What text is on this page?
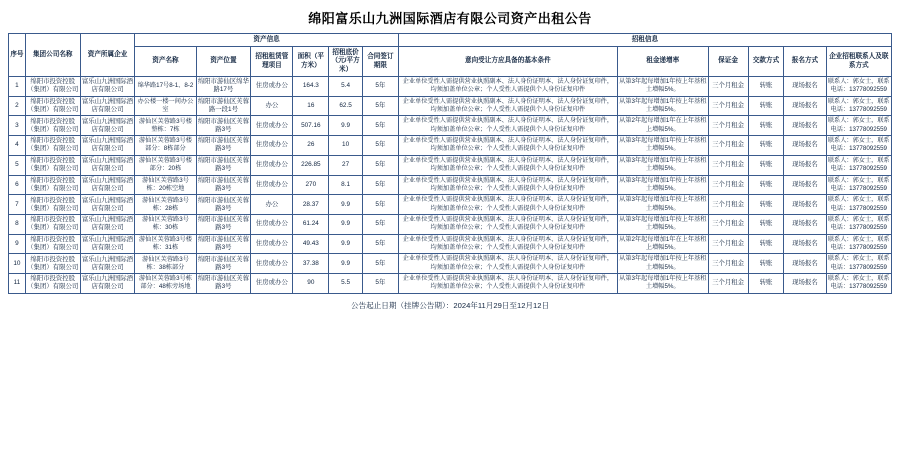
绵阳富乐山九洲国际酒店有限公司资产出租公告
序号	集团公司名称	资产所属企业	资产信息						招租信息					
			资产名称	资产位置	招租租赁管理项目	面积（平方米）	招租底价（元/平方米）	合同签订期限	意向受让方应具备的基本条件	租金递增率	保证金	交款方式	报名方式	企业招租联系人及联系方式

1	绵阳市投资控股（集团）有限公司	富乐山九洲国际酒店有限公司	绵华路17号8-1、8-2	绵阳市游仙区绵华路17号	住房或办公	164.3	5.4	5年	企业单位受性人需提供营业执照副本、法人身份证明本、法人身份证复印件，均须加盖单位公章；个人受性人需提供个人身份证复印件	从第3年起每增加1年按上年基租土增幅5%。	三个月租金	转账	现场报名	联系人：郭女士，联系电话：13778092559
2	绵阳市投资控股（集团）有限公司	富乐山九洲国际酒店有限公司	办公楼一楼一间办公室	绵阳市游仙区芙蓉路一段1号	办公	16	62.5	5年	企业单位受性人需提供营业执照副本、法人身份证明本、法人身份证复印件，均须加盖单位公章；个人受性人需提供个人身份证复印件	从第3年起每增加1年按上年基租土增幅5%。	三个月租金	转账	现场报名	联系人：郭女士，联系电话：13778092559
3	绵阳市投资控股（集团）有限公司	富乐山九洲国际酒店有限公司	游仙区芙蓉路3号楼整栋：7栋	绵阳市游仙区芙蓉路3号	住房或办公	507.16	9.9	5年	企业单位受性人需提供营业执照副本、法人身份证明本、法人身份证复印件，均须加盖单位公章；个人受性人需提供个人身份证复印件	从第2年起每增加1年在上年基租上增幅5%。	三个月租金	转账	现场报名	联系人：郭女士，联系电话：13778092559
4	绵阳市投资控股（集团）有限公司	富乐山九洲国际酒店有限公司	游仙区芙蓉路3号楼部分：8栋部分	绵阳市游仙区芙蓉路3号	住房或办公	26	10	5年	企业单位受性人需提供营业执照副本、法人身份证明本、法人身份证复印件，均须加盖单位公章；个人受性人需提供个人身份证复印件	从第3年起每增加1年按上年基租土增幅5%。	三个月租金	转账	现场报名	联系人：郭女士，联系电话：13778092559
5	绵阳市投资控股（集团）有限公司	富乐山九洲国际酒店有限公司	游仙区芙蓉路3号楼部分：20栋	绵阳市游仙区芙蓉路3号	住房或办公	226.85	27	5年	企业单位受性人需提供营业执照副本、法人身份证明本、法人身份证复印件，均须加盖单位公章；个人受性人需提供个人身份证复印件	从第3年起每增加1年按上年基租土增幅5%。	三个月租金	转账	现场报名	联系人：郭女士，联系电话：13778092559
6	绵阳市投资控股（集团）有限公司	富乐山九洲国际酒店有限公司	游仙区芙蓉路3号栋：20栋空地	绵阳市游仙区芙蓉路3号	住房或办公	270	8.1	5年	企业单位受性人需提供营业执照副本、法人身份证明本、法人身份证复印件，均须加盖单位公章；个人受性人需提供个人身份证复印件	从第3年起每增加1年按上年基租土增幅5%。	三个月租金	转账	现场报名	联系人：郭女士，联系电话：13778092559
7	绵阳市投资控股（集团）有限公司	富乐山九洲国际酒店有限公司	游仙区芙蓉路3号栋：28栋	绵阳市游仙区芙蓉路3号	办公	28.37	9.9	5年	企业单位受性人需提供营业执照副本、法人身份证明本、法人身份证复印件，均须加盖单位公章；个人受性人需提供个人身份证复印件	从第3年起每增加1年按上年基租土增幅5%。	三个月租金	转账	现场报名	联系人：郭女士，联系电话：13778092559
8	绵阳市投资控股（集团）有限公司	富乐山九洲国际酒店有限公司	游仙区芙蓉路3号栋：30栋	绵阳市游仙区芙蓉路3号	住房或办公	61.24	9.9	5年	企业单位受性人需提供营业执照副本、法人身份证明本、法人身份证复印件，均须加盖单位公章；个人受性人需提供个人身份证复印件	从第3年起每增加1年按上年基租土增幅5%。	三个月租金	转账	现场报名	联系人：郭女士，联系电话：13778092559
9	绵阳市投资控股（集团）有限公司	富乐山九洲国际酒店有限公司	游仙区芙蓉路3号楼栋：31栋	绵阳市游仙区芙蓉路3号	住房或办公	49.43	9.9	5年	企业单位受性人需提供营业执照副本、法人身份证明本、法人身份证复印件，均须加盖单位公章；个人受性人需提供个人身份证复印件	从第2年起每增加1年在上年基租上增幅5%。	三个月租金	转账	现场报名	联系人：郭女士，联系电话：13778092559
10	绵阳市投资控股（集团）有限公司	富乐山九洲国际酒店有限公司	游仙区芙蓉路3号栋：38栋部分	绵阳市游仙区芙蓉路3号	住房或办公	37.38	9.9	5年	企业单位受性人需提供营业执照副本、法人身份证明本、法人身份证复印件，均须加盖单位公章；个人受性人需提供个人身份证复印件	从第3年起每增加1年按上年基租土增幅5%。	三个月租金	转账	现场报名	联系人：郭女士，联系电话：13778092559
11	绵阳市投资控股（集团）有限公司	富乐山九洲国际酒店有限公司	游仙区芙蓉路3号栋部分：48栋旁场地	绵阳市游仙区芙蓉路3号	住房或办公	90	5.5	5年	企业单位受性人需提供营业执照副本、法人身份证明本、法人身份证复印件，均须加盖单位公章；个人受性人需提供个人身份证复印件	从第3年起每增加1年按上年基租土增幅5%。	三个月租金	转账	现场报名	联系人：郭女士，联系电话：13778092559
公告起止日期（挂牌公告期）：2024年11月29日至12月12日
